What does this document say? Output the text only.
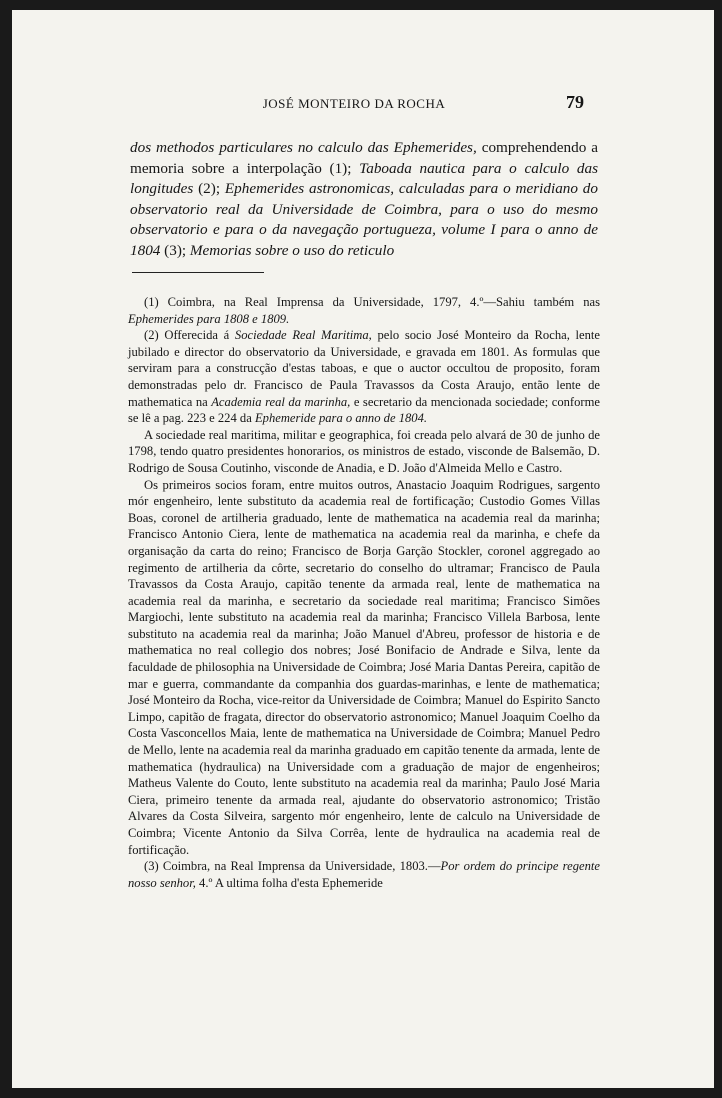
JOSÉ MONTEIRO DA ROCHA	79
dos methodos particulares no calculo das Ephemerides, comprehendendo a memoria sobre a interpolação (1); Taboada nautica para o calculo das longitudes (2); Ephemerides astronomicas, calculadas para o meridiano do observatorio real da Universidade de Coimbra, para o uso do mesmo observatorio e para o da navegação portugueza, volume I para o anno de 1804 (3); Memorias sobre o uso do reticulo

(1) Coimbra, na Real Imprensa da Universidade, 1797, 4.º—Sahiu também nas Ephemerides para 1808 e 1809.

(2) Offerecida á Sociedade Real Maritima, pelo socio José Monteiro da Rocha, lente jubilado e director do observatorio da Universidade, e gravada em 1801. As formulas que serviram para a construcção d'estas taboas, e que o auctor occultou de proposito, foram demonstradas pelo dr. Francisco de Paula Travassos da Costa Araujo, então lente de mathematica na Academia real da marinha, e secretario da mencionada sociedade; conforme se lê a pag. 223 e 224 da Ephemeride para o anno de 1804.

A sociedade real maritima, militar e geographica, foi creada pelo alvará de 30 de junho de 1798, tendo quatro presidentes honorarios, os ministros de estado, visconde de Balsemão, D. Rodrigo de Sousa Coutinho, visconde de Anadia, e D. João d'Almeida Mello e Castro.

Os primeiros socios foram, entre muitos outros, Anastacio Joaquim Rodrigues, sargento mór engenheiro, lente substituto da academia real de fortificação; Custodio Gomes Villas Boas, coronel de artilheria graduado, lente de mathematica na academia real da marinha; Francisco Antonio Ciera, lente de mathematica na academia real da marinha, e chefe da organisação da carta do reino; Francisco de Borja Garção Stockler, coronel aggregado ao regimento de artilheria da côrte, secretario do conselho do ultramar; Francisco de Paula Travassos da Costa Araujo, capitão tenente da armada real, lente de mathematica na academia real da marinha, e secretario da sociedade real maritima; Francisco Simões Margiochi, lente substituto na academia real da marinha; Francisco Villela Barbosa, lente substituto na academia real da marinha; João Manuel d'Abreu, professor de historia e de mathematica no real collegio dos nobres; José Bonifacio de Andrade e Silva, lente da faculdade de philosophia na Universidade de Coimbra; José Maria Dantas Pereira, capitão de mar e guerra, commandante da companhia dos guardas-marinhas, e lente de mathematica; José Monteiro da Rocha, vice-reitor da Universidade de Coimbra; Manuel do Espirito Sancto Limpo, capitão de fragata, director do observatorio astronomico; Manuel Joaquim Coelho da Costa Vasconcellos Maia, lente de mathematica na Universidade de Coimbra; Manuel Pedro de Mello, lente na academia real da marinha graduado em capitão tenente da armada, lente de mathematica (hydraulica) na Universidade com a graduação de major de engenheiros; Matheus Valente do Couto, lente substituto na academia real da marinha; Paulo José Maria Ciera, primeiro tenente da armada real, ajudante do observatorio astronomico; Tristão Alvares da Costa Silveira, sargento mór engenheiro, lente de calculo na Universidade de Coimbra; Vicente Antonio da Silva Corrêa, lente de hydraulica na academia real de fortificação.

(3) Coimbra, na Real Imprensa da Universidade, 1803.—Por ordem do principe regente nosso senhor, 4.º A ultima folha d'esta Ephemeride
